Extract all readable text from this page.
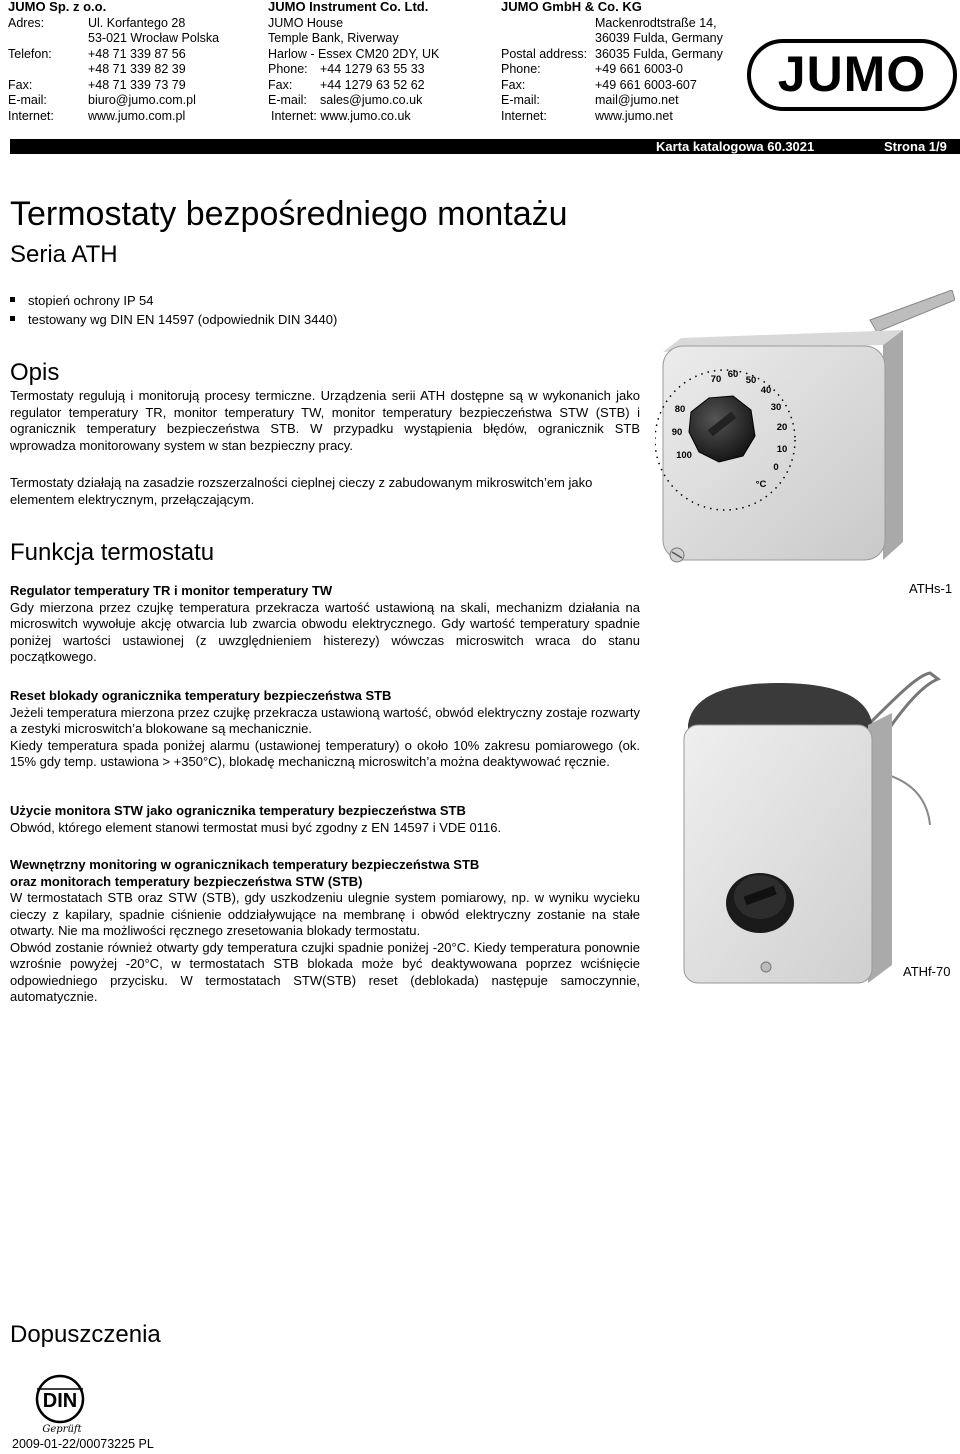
JUMO Sp. z o.o.
Adres:	Ul. Korfantego 28
53-021 Wrocław Polska
Telefon:	+48 71 339 87 56
+48 71 339 82 39
Fax:	+48 71 339 73 79
E-mail:	biuro@jumo.com.pl
Internet:	www.jumo.com.pl
JUMO Instrument Co. Ltd.
JUMO House
Temple Bank, Riverway
Harlow - Essex CM20 2DY, UK
Phone: +44 1279 63 55 33
Fax: +44 1279 63 52 62
E-mail: sales@jumo.co.uk
Internet: www.jumo.co.uk
JUMO GmbH & Co. KG
Mackenrodtstraße 14,
36039 Fulda, Germany
Postal address: 36035 Fulda, Germany
Phone:	+49 661 6003-0
Fax:	+49 661 6003-607
E-mail:	mail@jumo.net
Internet:	www.jumo.net
JUMO
Karta katalogowa 60.3021	Strona 1/9
Termostaty bezpośredniego montażu
Seria ATH
stopień ochrony IP 54
testowany wg DIN EN 14597 (odpowiednik DIN 3440)
Opis
Termostaty regulują i monitorują procesy termiczne. Urządzenia serii ATH dostępne są w wykonanich jako regulator temperatury TR, monitor temperatury TW, monitor temperatury bezpieczeństwa STW (STB) i ogranicznik temperatury bezpieczeństwa STB. W przypadku wystąpienia błędów, ogranicznik STB wprowadza monitorowany system w stan bezpieczny pracy.
Termostaty działają na zasadzie rozszerzalności cieplnej cieczy z zabudowanym mikroswitch’em jako elementem elektrycznym, przełączającym.
Funkcja termostatu
Regulator temperatury TR i monitor temperatury TW
Gdy mierzona przez czujkę temperatura przekracza wartość ustawioną na skali, mechanizm działania na microswitch wywołuje akcję otwarcia lub zwarcia obwodu elektrycznego. Gdy wartość temperatury spadnie poniżej wartości ustawionej (z uwzględnieniem histerezy) wówczas microswitch wraca do stanu początkowego.
Reset blokady ogranicznika temperatury bezpieczeństwa STB
Jeżeli temperatura mierzona przez czujkę przekracza ustawioną wartość, obwód elektryczny zostaje rozwarty a zestyki microswitch’a blokowane są mechanicznie.
Kiedy temperatura spada poniżej alarmu (ustawionej temperatury) o około 10% zakresu pomiarowego (ok. 15% gdy temp. ustawiona > +350°C), blokadę mechaniczną microswitch’a można deaktywować ręcznie.
Użycie monitora STW jako ogranicznika temperatury bezpieczeństwa STB
Obwód, którego element stanowi termostat musi być zgodny z EN 14597 i VDE 0116.
Wewnętrzny monitoring w ogranicznikach temperatury bezpieczeństwa STB
oraz monitorach temperatury bezpieczeństwa STW (STB)
W termostatach STB oraz STW (STB), gdy uszkodzeniu ulegnie system pomiarowy, np. w wyniku wycieku cieczy z kapilary, spadnie ciśnienie oddziaływujące na membranę i obwód elektryczny zostanie na stałe otwarty. Nie ma możliwości ręcznego zresetowania blokady termostatu.
Obwód zostanie również otwarty gdy temperatura czujki spadnie poniżej -20°C. Kiedy temperatura ponownie wzrośnie powyżej -20°C, w termostatach STB blokada może być deaktywowana poprzez wciśnięcie odpowiedniego przycisku. W termostatach STW(STB) reset (deblokada) następuje samoczynnie, automatycznie.
70 60
50
40
30
20
10
0
90
80
100
°C
ATHs-1
ATHf-70
Dopuszczenia
DIN
Geprüft
2009-01-22/00073225 PL
